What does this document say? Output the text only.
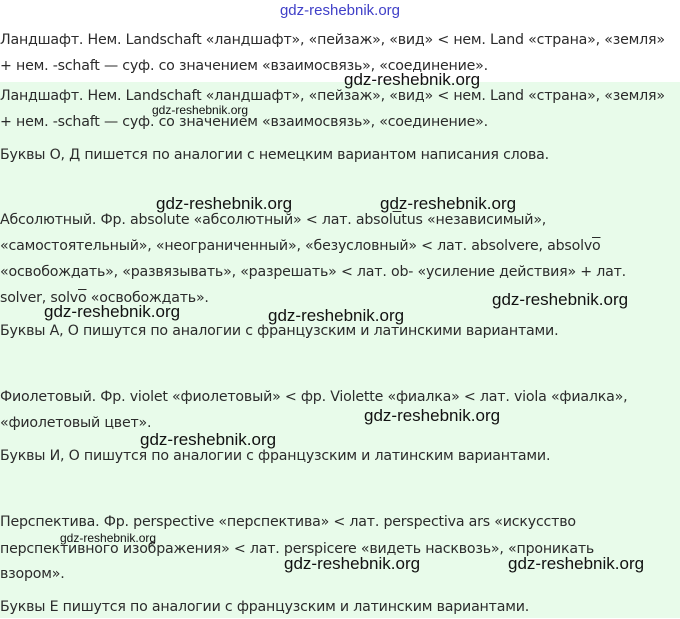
gdz-reshebnik.org
Ландшафт. Нем. Landschaft «ландшафт», «пейзаж», «вид» < нем. Land «страна», «земля»
+ нем. -schaft — суф. со значением «взаимосвязь», «соединение».
Ландшафт. Нем. Landschaft «ландшафт», «пейзаж», «вид» < нем. Land «страна», «земля»
+ нем. -schaft — суф. со значением «взаимосвязь», «соединение».
Буквы О, Д пишется по аналогии с немецким вариантом написания слова.
Абсолютный. Фр. absolute «абсолютный» < лат. $absol\overline{u}tus$ «независимый»,
«самостоятельный», «неограниченный», «безусловный» < лат. absolvere, $absolv\overline{o}$
«освобождать», «развязывать», «разрешать» < лат. ob- «усиление действия» + лат.
solver, $solv\overline{o}$ «освобождать».
Буквы А, О пишутся по аналогии с французским и латинскими вариантами.
Фиолетовый. Фр. violet «фиолетовый» < фр. Violette «фиалка» < лат. viola «фиалка»,
«фиолетовый цвет».
Буквы И, О пишутся по аналогии с французским и латинским вариантами.
Перспектива. Фр. perspective «перспектива» < лат. perspectiva ars «искусство
перспективного изображения» < лат. perspicere «видеть насквозь», «проникать
взором».
Буквы Е пишутся по аналогии с французским и латинским вариантами.
gdz-reshebnik.org
gdz-reshebnik.org
gdz-reshebnik.org	gdz-reshebnik.org
gdz-reshebnik.org
gdz-reshebnik.org	gdz-reshebnik.org
gdz-reshebnik.org
gdz-reshebnik.org
gdz-reshebnik.org
gdz-reshebnik.org	gdz-reshebnik.org
